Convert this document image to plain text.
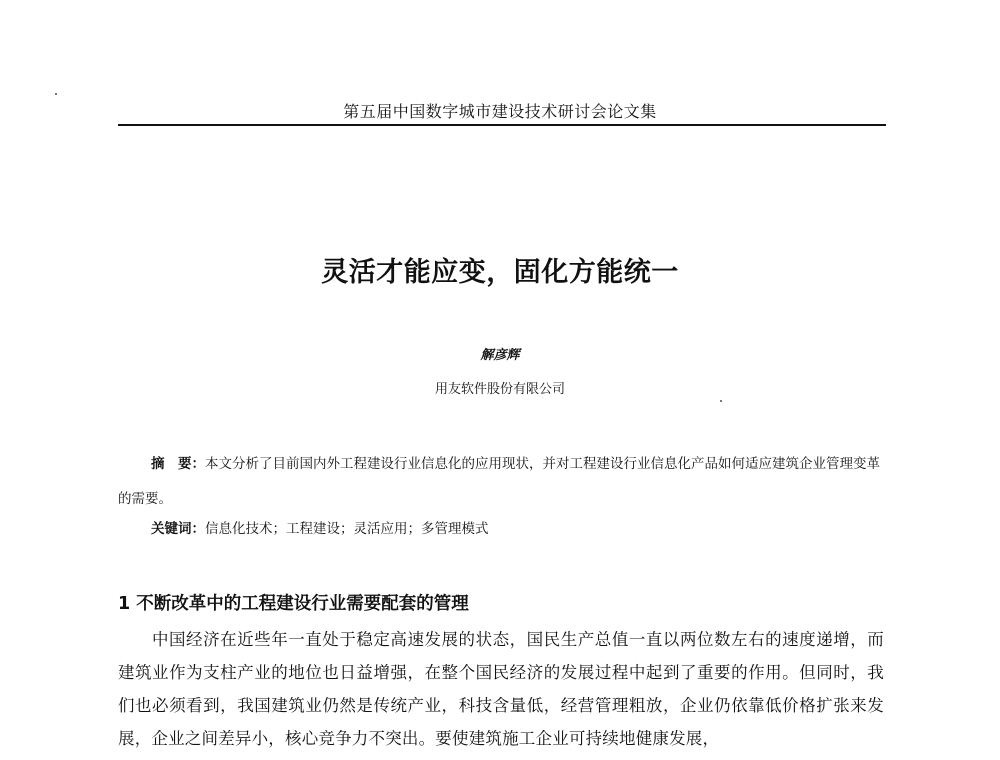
第五届中国数字城市建设技术研讨会论文集
灵活才能应变，固化方能统一
解彦辉
用友软件股份有限公司
摘　要：本文分析了目前国内外工程建设行业信息化的应用现状，并对工程建设行业信息化产品如何适应建筑企业管理变革的需要。
关键词：信息化技术；工程建设；灵活应用；多管理模式
1 不断改革中的工程建设行业需要配套的管理
中国经济在近些年一直处于稳定高速发展的状态，国民生产总值一直以两位数左右的速度递增，而建筑业作为支柱产业的地位也日益增强，在整个国民经济的发展过程中起到了重要的作用。但同时，我们也必须看到，我国建筑业仍然是传统产业，科技含量低，经营管理粗放，企业仍依靠低价格扩张来发展，企业之间差异小，核心竞争力不突出。要使建筑施工企业可持续地健康发展，
